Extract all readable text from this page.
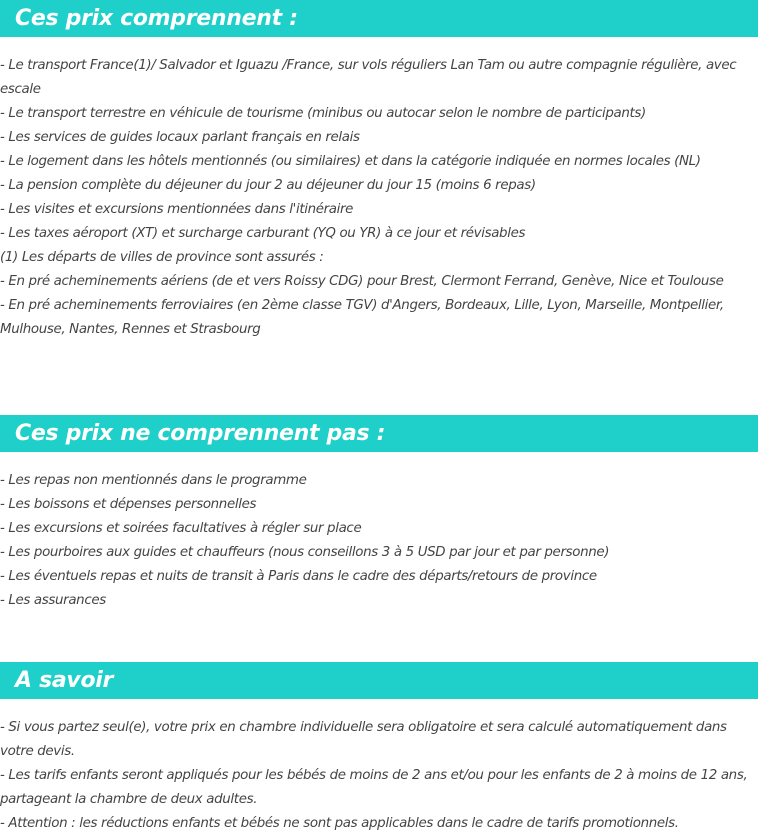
Ces prix comprennent :
- Le transport France(1)/ Salvador et Iguazu /France, sur vols réguliers Lan Tam ou autre compagnie régulière, avec escale
- Le transport terrestre en véhicule de tourisme (minibus ou autocar selon le nombre de participants)
- Les services de guides locaux parlant français en relais
- Le logement dans les hôtels mentionnés (ou similaires) et dans la catégorie indiquée en normes locales (NL)
- La pension complète du déjeuner du jour 2 au déjeuner du jour 15 (moins 6 repas)
- Les visites et excursions mentionnées dans l'itinéraire
- Les taxes aéroport (XT) et surcharge carburant (YQ ou YR) à ce jour et révisables
(1) Les départs de villes de province sont assurés :
- En pré acheminements aériens (de et vers Roissy CDG) pour Brest, Clermont Ferrand, Genève, Nice et Toulouse
- En pré acheminements ferroviaires (en 2ème classe TGV) d'Angers, Bordeaux, Lille, Lyon, Marseille, Montpellier, Mulhouse, Nantes, Rennes et Strasbourg
Ces prix ne comprennent pas :
- Les repas non mentionnés dans le programme
- Les boissons et dépenses personnelles
- Les excursions et soirées facultatives à régler sur place
- Les pourboires aux guides et chauffeurs (nous conseillons 3 à 5 USD par jour et par personne)
- Les éventuels repas et nuits de transit à Paris dans le cadre des départs/retours de province
- Les assurances
A savoir
- Si vous partez seul(e), votre prix en chambre individuelle sera obligatoire et sera calculé automatiquement dans votre devis.
- Les tarifs enfants seront appliqués pour les bébés de moins de 2 ans et/ou pour les enfants de 2 à moins de 12 ans, partageant la chambre de deux adultes.
- Attention : les réductions enfants et bébés ne sont pas applicables dans le cadre de tarifs promotionnels.
